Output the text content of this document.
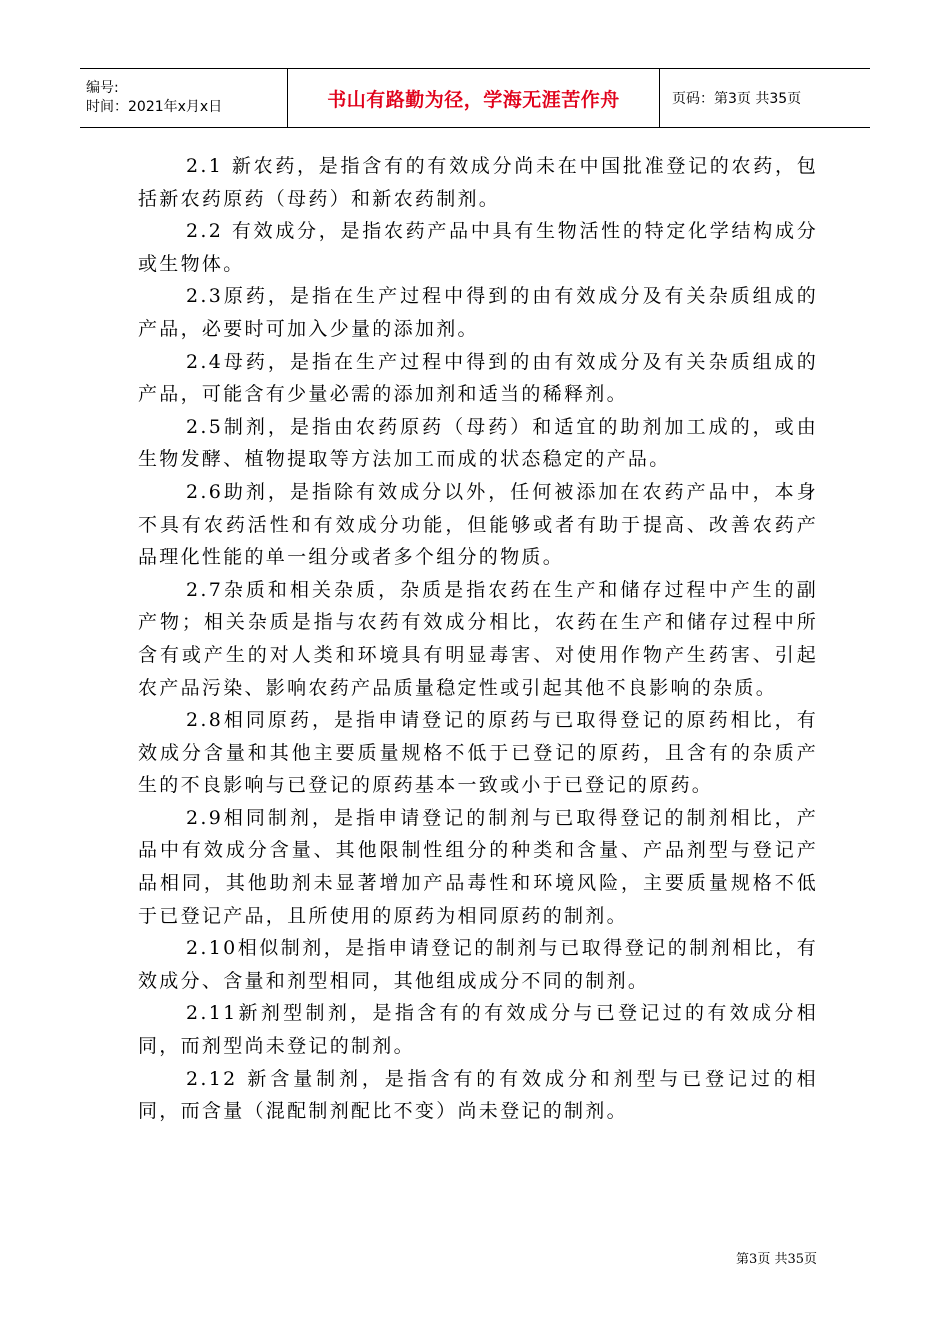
编号:
时间：2021年x月x日	书山有路勤为径，学海无涯苦作舟	页码：第3页 共35页

2.1 新农药，是指含有的有效成分尚未在中国批准登记的农药，包括新农药原药（母药）和新农药制剂。

2.2 有效成分，是指农药产品中具有生物活性的特定化学结构成分或生物体。

2.3原药，是指在生产过程中得到的由有效成分及有关杂质组成的产品，必要时可加入少量的添加剂。

2.4母药，是指在生产过程中得到的由有效成分及有关杂质组成的产品，可能含有少量必需的添加剂和适当的稀释剂。

2.5制剂，是指由农药原药（母药）和适宜的助剂加工成的，或由生物发酵、植物提取等方法加工而成的状态稳定的产品。

2.6助剂，是指除有效成分以外，任何被添加在农药产品中，本身不具有农药活性和有效成分功能，但能够或者有助于提高、改善农药产品理化性能的单一组分或者多个组分的物质。

2.7杂质和相关杂质，杂质是指农药在生产和储存过程中产生的副产物；相关杂质是指与农药有效成分相比，农药在生产和储存过程中所含有或产生的对人类和环境具有明显毒害、对使用作物产生药害、引起农产品污染、影响农药产品质量稳定性或引起其他不良影响的杂质。

2.8相同原药，是指申请登记的原药与已取得登记的原药相比，有效成分含量和其他主要质量规格不低于已登记的原药，且含有的杂质产生的不良影响与已登记的原药基本一致或小于已登记的原药。

2.9相同制剂，是指申请登记的制剂与已取得登记的制剂相比，产品中有效成分含量、其他限制性组分的种类和含量、产品剂型与登记产品相同，其他助剂未显著增加产品毒性和环境风险，主要质量规格不低于已登记产品，且所使用的原药为相同原药的制剂。

2.10相似制剂，是指申请登记的制剂与已取得登记的制剂相比，有效成分、含量和剂型相同，其他组成成分不同的制剂。

2.11新剂型制剂，是指含有的有效成分与已登记过的有效成分相同，而剂型尚未登记的制剂。

2.12 新含量制剂，是指含有的有效成分和剂型与已登记过的相同，而含量（混配制剂配比不变）尚未登记的制剂。

第3页 共35页
